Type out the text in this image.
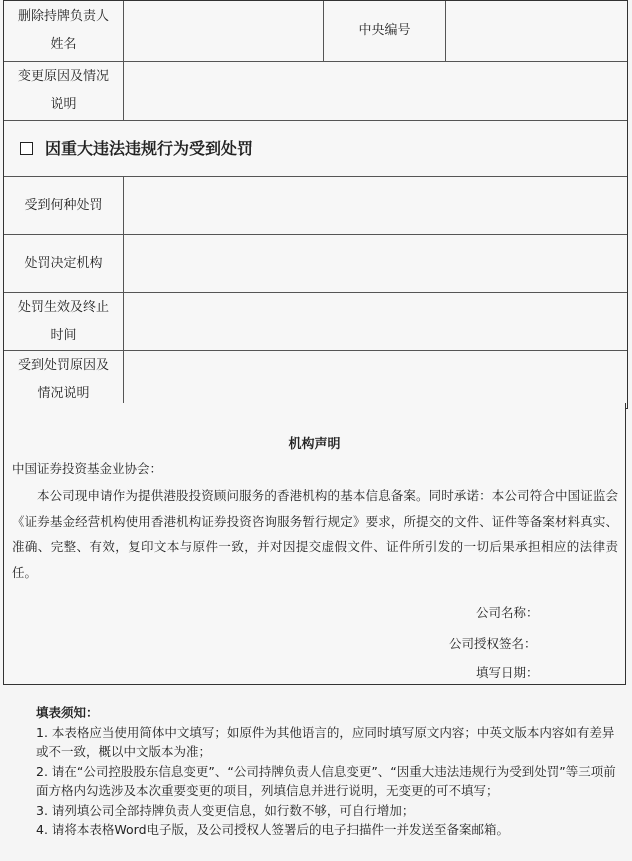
删除持牌负责人
姓名
中央编号
变更原因及情况
说明
因重大违法违规行为受到处罚
受到何种处罚
处罚决定机构
处罚生效及终止
时间
受到处罚原因及
情况说明
机构声明
中国证券投资基金业协会：
本公司现申请作为提供港股投资顾问服务的香港机构的基本信息备案。同时承诺：本公司符合中国证监会《证券基金经营机构使用香港机构证券投资咨询服务暂行规定》要求，所提交的文件、证件等备案材料真实、准确、完整、有效，复印文本与原件一致，并对因提交虚假文件、证件所引发的一切后果承担相应的法律责任。
公司名称：
公司授权签名：
填写日期：
填表须知：
1. 本表格应当使用简体中文填写；如原件为其他语言的，应同时填写原文内容；中英文版本内容如有差异或不一致，概以中文版本为准；
2. 请在“公司控股股东信息变更”、“公司持牌负责人信息变更”、“因重大违法违规行为受到处罚”等三项前面方格内勾选涉及本次重要变更的项目，列填信息并进行说明，无变更的可不填写；
3. 请列填公司全部持牌负责人变更信息，如行数不够，可自行增加；
4. 请将本表格Word电子版，及公司授权人签署后的电子扫描件一并发送至备案邮箱。
